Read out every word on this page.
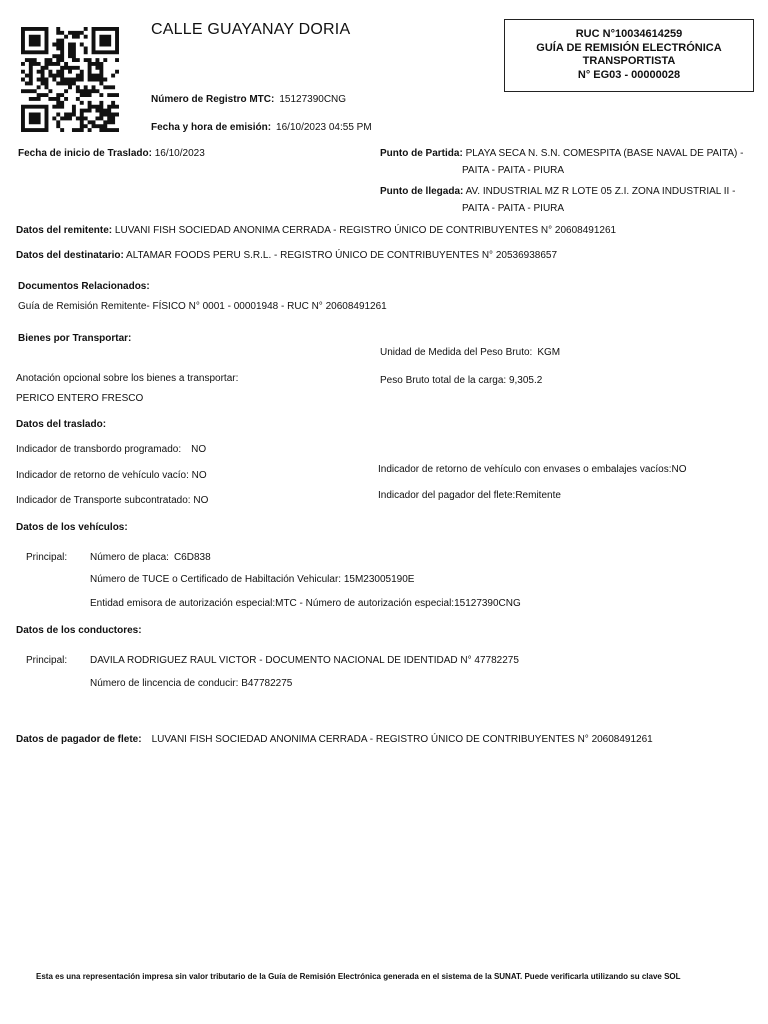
CALLE GUAYANAY DORIA	RUC N°10034614259
GUÍA DE REMISIÓN ELECTRÓNICA
TRANSPORTISTA
N° EG03 - 00000028
Número de Registro MTC: 15127390CNG
Fecha y hora de emisión: 16/10/2023 04:55 PM
Fecha de inicio de Traslado: 16/10/2023	Punto de Partida: PLAYA SECA N. S.N. COMESPITA (BASE NAVAL DE PAITA) -
PAITA - PAITA - PIURA
Punto de llegada: AV. INDUSTRIAL MZ R LOTE 05 Z.I. ZONA INDUSTRIAL II -
PAITA - PAITA - PIURA
Datos del remitente: LUVANI FISH SOCIEDAD ANONIMA CERRADA - REGISTRO ÚNICO DE CONTRIBUYENTES N° 20608491261
Datos del destinatario: ALTAMAR FOODS PERU S.R.L. - REGISTRO ÚNICO DE CONTRIBUYENTES N° 20536938657
Documentos Relacionados:
Guía de Remisión Remitente- FÍSICO N° 0001 - 00001948 - RUC N° 20608491261
Bienes por Transportar:
Unidad de Medida del Peso Bruto: KGM
Anotación opcional sobre los bienes a transportar:	Peso Bruto total de la carga: 9,305.2
PERICO ENTERO FRESCO
Datos del traslado:
Indicador de transbordo programado: NO
Indicador de retorno de vehículo con envases o embalajes vacíos:NO
Indicador de retorno de vehículo vacío: NO
Indicador del pagador del flete:Remitente
Indicador de Transporte subcontratado: NO
Datos de los vehículos:
Principal: Número de placa: C6D838
Número de TUCE o Certificado de Habiltación Vehicular: 15M23005190E
Entidad emisora de autorización especial:MTC - Número de autorización especial:15127390CNG
Datos de los conductores:
Principal: DAVILA RODRIGUEZ RAUL VICTOR - DOCUMENTO NACIONAL DE IDENTIDAD N° 47782275
Número de lincencia de conducir: B47782275
Datos de pagador de flete: LUVANI FISH SOCIEDAD ANONIMA CERRADA - REGISTRO ÚNICO DE CONTRIBUYENTES N° 20608491261
Esta es una representación impresa sin valor tributario de la Guía de Remisión Electrónica generada en el sistema de la SUNAT. Puede verificarla utilizando su clave SOL
